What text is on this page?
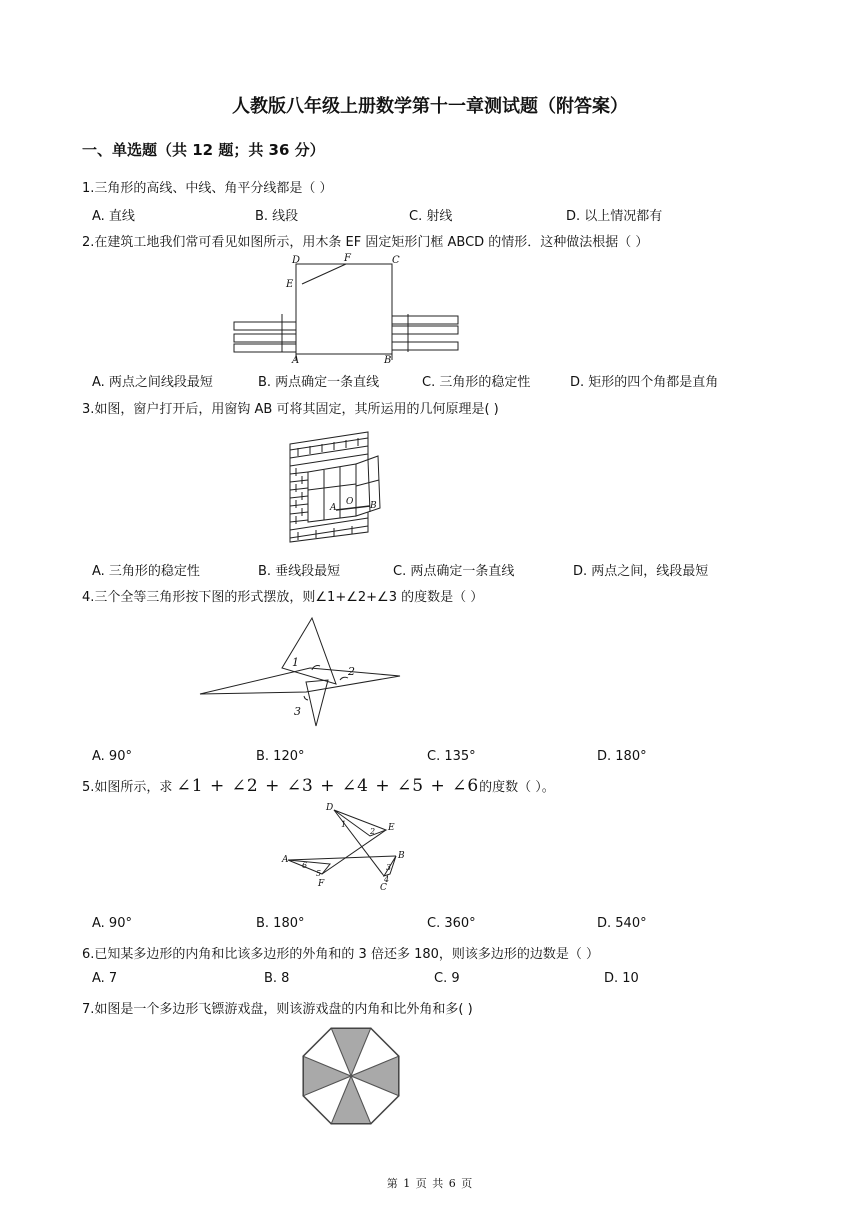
人教版八年级上册数学第十一章测试题（附答案）
一、单选题（共 12 题；共 36 分）
1.三角形的高线、中线、角平分线都是（ ）
A. 直线	B. 线段	C. 射线	D. 以上情况都有
2.在建筑工地我们常可看见如图所示，用木条 EF 固定矩形门框 ABCD 的情形．这种做法根据（ ）
D	F	C
E
A	B
A. 两点之间线段最短	B. 两点确定一条直线	C. 三角形的稳定性	D. 矩形的四个角都是直角
3.如图，窗户打开后，用窗钩 AB 可将其固定，其所运用的几何原理是( )
A
O B
A. 三角形的稳定性	B. 垂线段最短	C. 两点确定一条直线	D. 两点之间，线段最短
4.三个全等三角形按下图的形式摆放，则∠1+∠2+∠3 的度数是（ ）
1
2
3
A. 90°	B. 120°	C. 135°	D. 180°
5.如图所示，求 ∠1 + ∠2 + ∠3 + ∠4 + ∠5 + ∠6的度数（ ）。
D
1
2 E
A
6
5
F
B
3
4
C
A. 90°	B. 180°	C. 360°	D. 540°
6.已知某多边形的内角和比该多边形的外角和的 3 倍还多 180，则该多边形的边数是（ ）
A. 7	B. 8	C. 9	D. 10
7.如图是一个多边形飞镖游戏盘，则该游戏盘的内角和比外角和多( )
第 1 页 共 6 页
